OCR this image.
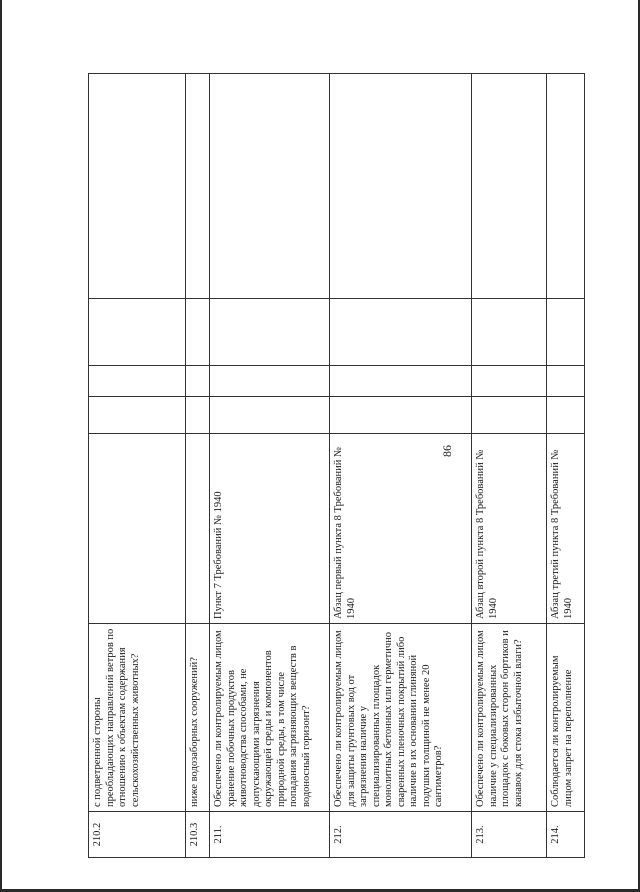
86
210.2	с подветренной стороны преобладающих направлений ветров по отношению к объектам содержания сельскохозяйственных животных?					
210.3	ниже водозаборных сооружений?					
211.	Обеспечено ли контролируемым лицом хранение побочных продуктов животноводства способами, не допускающими загрязнения окружающей среды и компонентов природной среды, в том числе попадания загрязняющих веществ в водоносный горизонт?	Пункт 7 Требований № 1940				
212.	Обеспечено ли контролируемым лицом для защиты грунтовых вод от загрязнения наличие у специализированных площадок монолитных бетонных или герметично сваренных пленочных покрытий либо наличие в их основании глиняной подушки толщиной не менее 20 сантиметров?	Абзац первый пункта 8 Требований № 1940				
213.	Обеспечено ли контролируемым лицом наличие у специализированных площадок с боковых сторон бортиков и канавок для стока избыточной влаги?	Абзац второй пункта 8 Требований № 1940				
214.	Соблюдается ли контролируемым лицом запрет на переполнение	Абзац третий пункта 8 Требований № 1940				
